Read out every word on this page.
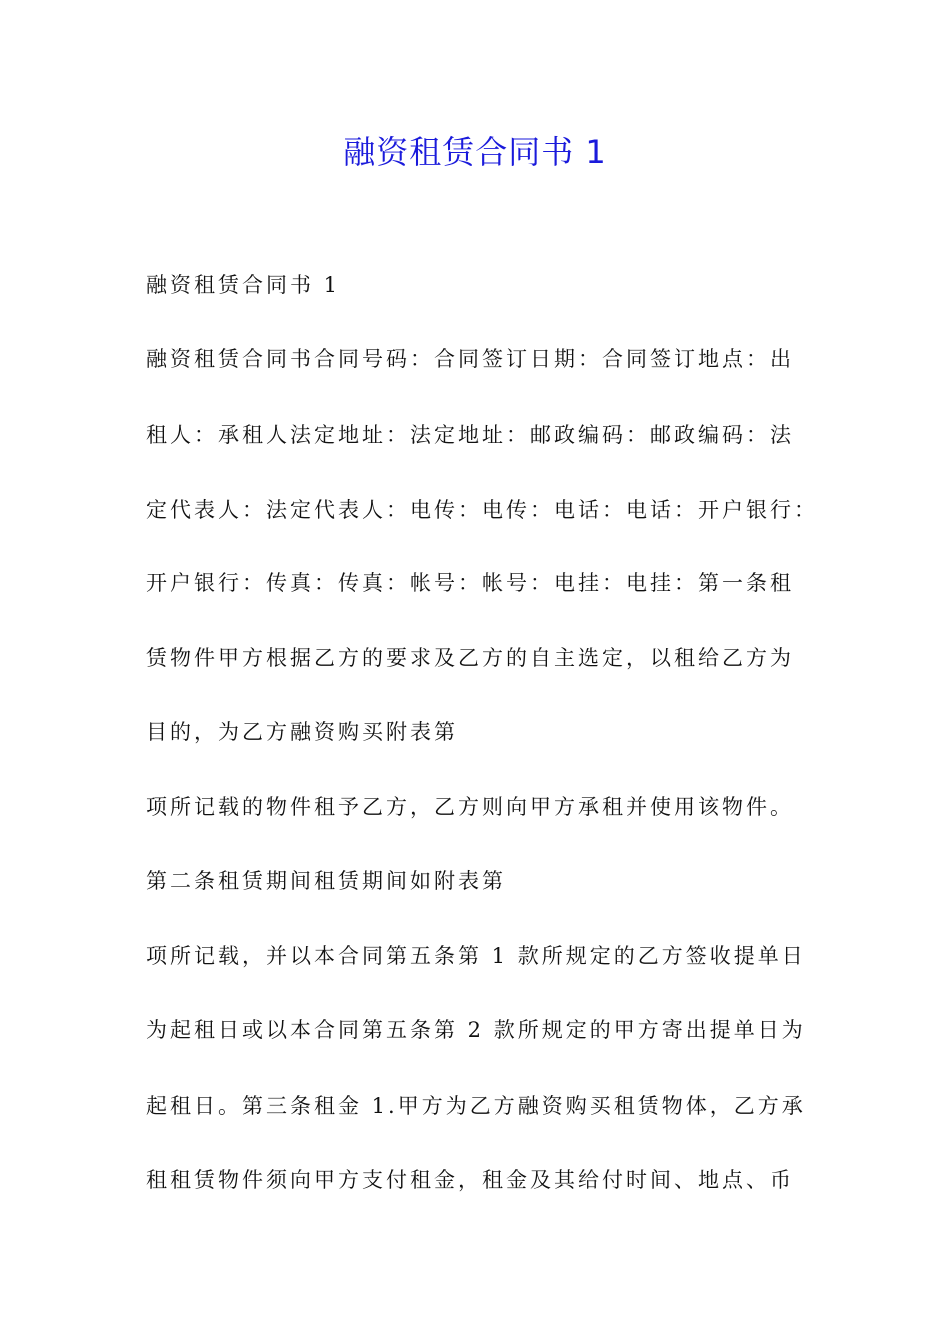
融资租赁合同书 1
融资租赁合同书 1
融资租赁合同书合同号码：合同签订日期：合同签订地点：出
租人：承租人法定地址：法定地址：邮政编码：邮政编码：法
定代表人：法定代表人：电传：电传：电话：电话：开户银行：
开户银行：传真：传真：帐号：帐号：电挂：电挂：第一条租
赁物件甲方根据乙方的要求及乙方的自主选定，以租给乙方为
目的，为乙方融资购买附表第
项所记载的物件租予乙方，乙方则向甲方承租并使用该物件。
第二条租赁期间租赁期间如附表第
项所记载，并以本合同第五条第 1 款所规定的乙方签收提单日
为起租日或以本合同第五条第 2 款所规定的甲方寄出提单日为
起租日。第三条租金 1.甲方为乙方融资购买租赁物体，乙方承
租租赁物件须向甲方支付租金，租金及其给付时间、地点、币
